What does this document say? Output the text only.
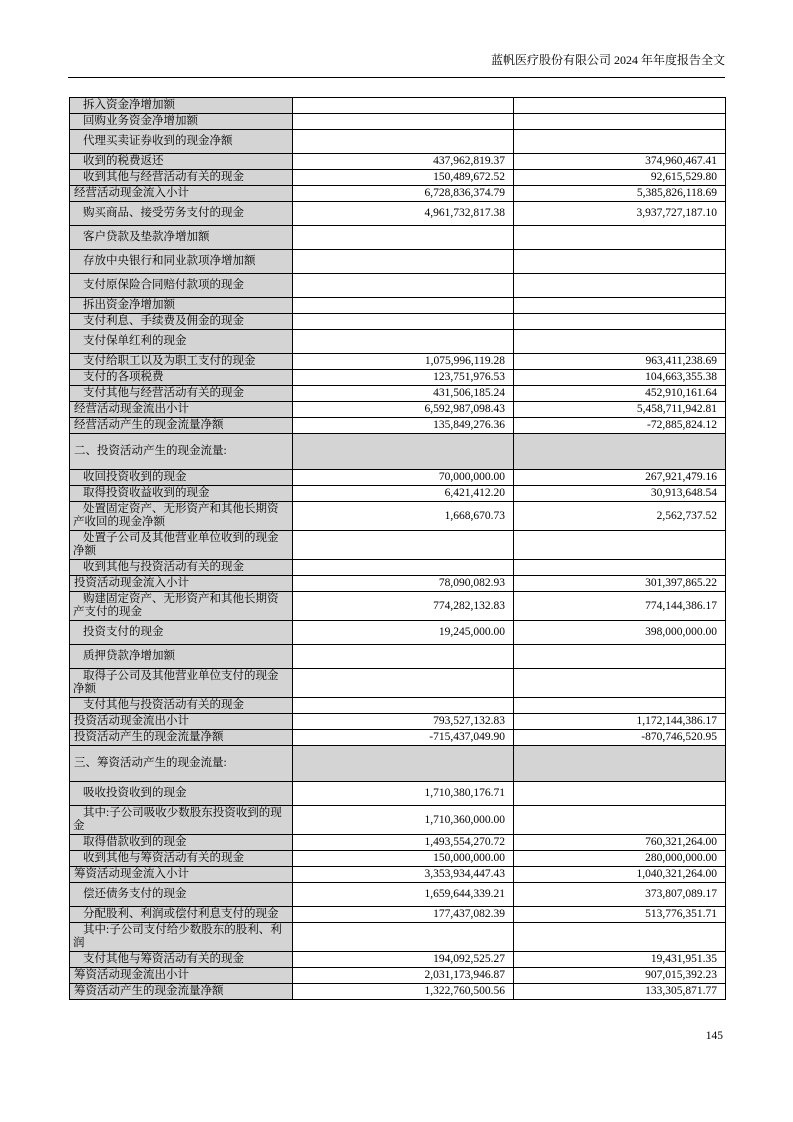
蓝帆医疗股份有限公司 2024 年年度报告全文
拆入资金净增加额		
回购业务资金净增加额		
代理买卖证券收到的现金净额		
收到的税费返还	437,962,819.37	374,960,467.41
收到其他与经营活动有关的现金	150,489,672.52	92,615,529.80
经营活动现金流入小计	6,728,836,374.79	5,385,826,118.69
购买商品、接受劳务支付的现金	4,961,732,817.38	3,937,727,187.10
客户贷款及垫款净增加额		
存放中央银行和同业款项净增加额		
支付原保险合同赔付款项的现金		
拆出资金净增加额		
支付利息、手续费及佣金的现金		
支付保单红利的现金		
支付给职工以及为职工支付的现金	1,075,996,119.28	963,411,238.69
支付的各项税费	123,751,976.53	104,663,355.38
支付其他与经营活动有关的现金	431,506,185.24	452,910,161.64
经营活动现金流出小计	6,592,987,098.43	5,458,711,942.81
经营活动产生的现金流量净额	135,849,276.36	-72,885,824.12
二、投资活动产生的现金流量:		
收回投资收到的现金	70,000,000.00	267,921,479.16
取得投资收益收到的现金	6,421,412.20	30,913,648.54
处置固定资产、无形资产和其他长期资产收回的现金净额	1,668,670.73	2,562,737.52
处置子公司及其他营业单位收到的现金净额		
收到其他与投资活动有关的现金		
投资活动现金流入小计	78,090,082.93	301,397,865.22
购建固定资产、无形资产和其他长期资产支付的现金	774,282,132.83	774,144,386.17
投资支付的现金	19,245,000.00	398,000,000.00
质押贷款净增加额		
取得子公司及其他营业单位支付的现金净额		
支付其他与投资活动有关的现金		
投资活动现金流出小计	793,527,132.83	1,172,144,386.17
投资活动产生的现金流量净额	-715,437,049.90	-870,746,520.95
三、筹资活动产生的现金流量:		
吸收投资收到的现金	1,710,380,176.71	
其中:子公司吸收少数股东投资收到的现金	1,710,360,000.00	
取得借款收到的现金	1,493,554,270.72	760,321,264.00
收到其他与筹资活动有关的现金	150,000,000.00	280,000,000.00
筹资活动现金流入小计	3,353,934,447.43	1,040,321,264.00
偿还债务支付的现金	1,659,644,339.21	373,807,089.17
分配股利、利润或偿付利息支付的现金	177,437,082.39	513,776,351.71
其中:子公司支付给少数股东的股利、利润		
支付其他与筹资活动有关的现金	194,092,525.27	19,431,951.35
筹资活动现金流出小计	2,031,173,946.87	907,015,392.23
筹资活动产生的现金流量净额	1,322,760,500.56	133,305,871.77
145
